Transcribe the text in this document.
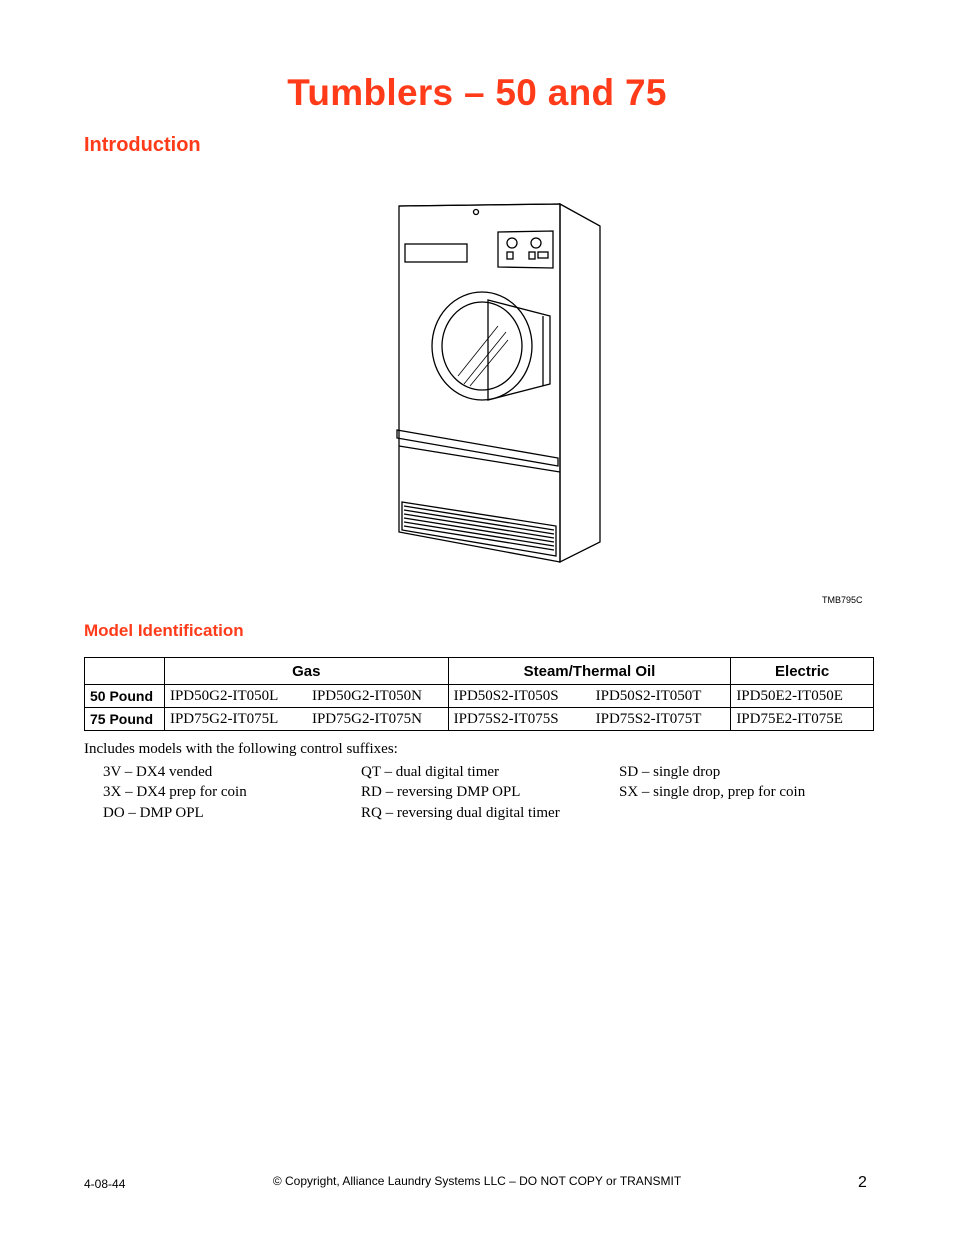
Tumblers – 50 and 75
Introduction
TMB795C
Model Identification
	Gas	Steam/Thermal Oil	Electric
50 Pound	IPD50G2-IT050L IPD50G2-IT050N	IPD50S2-IT050S IPD50S2-IT050T	IPD50E2-IT050E
75 Pound	IPD75G2-IT075L IPD75G2-IT075N	IPD75S2-IT075S IPD75S2-IT075T	IPD75E2-IT075E
Includes models with the following control suffixes:
3V – DX4 vended
3X – DX4 prep for coin
DO – DMP OPL
QT – dual digital timer
RD – reversing DMP OPL
RQ – reversing dual digital timer
SD – single drop
SX – single drop, prep for coin
4-08-44	© Copyright, Alliance Laundry Systems LLC – DO NOT COPY or TRANSMIT	2
